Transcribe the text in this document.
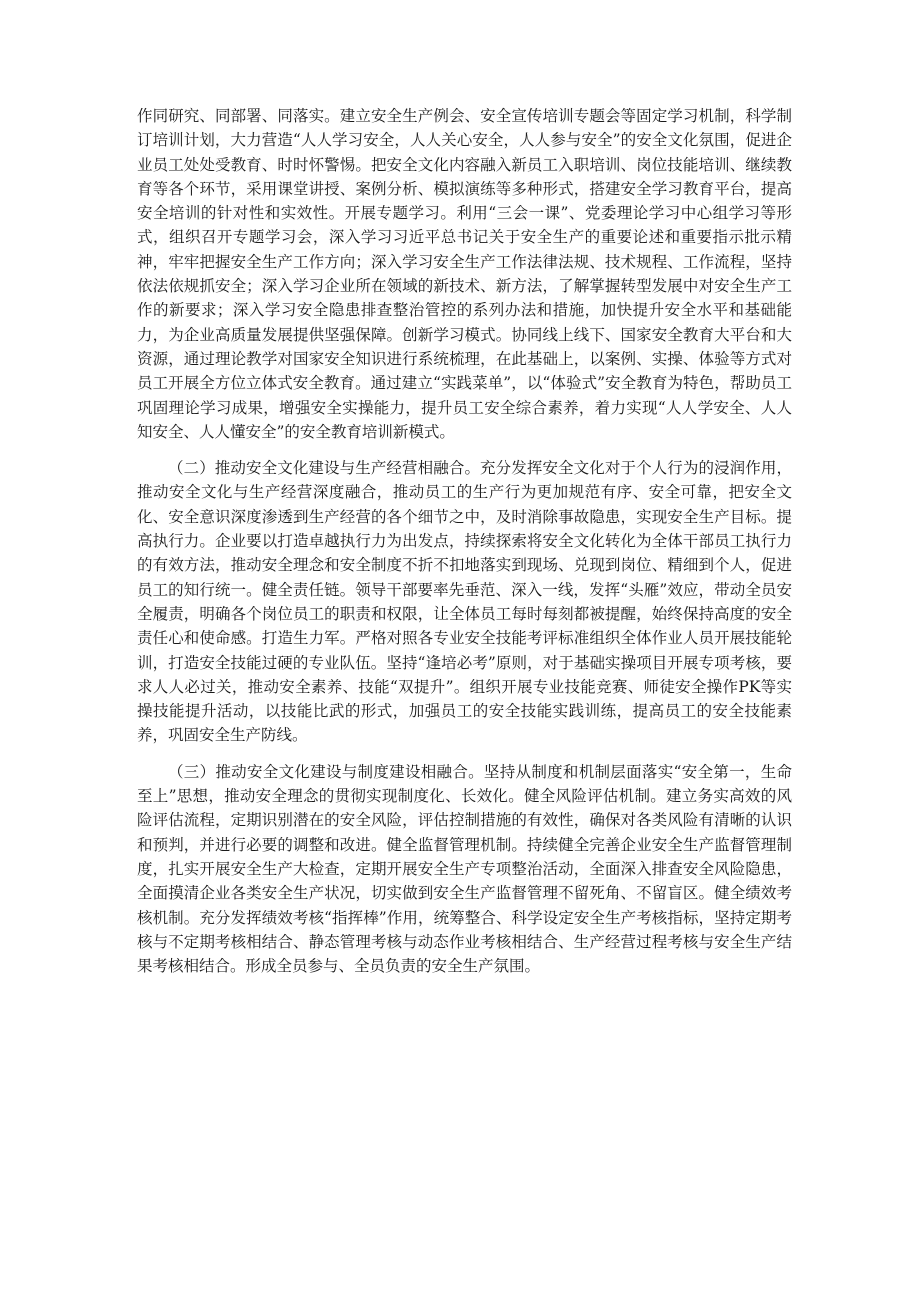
作同研究、同部署、同落实。建立安全生产例会、安全宣传培训专题会等固定学习机制，科学制订培训计划，大力营造“人人学习安全，人人关心安全，人人参与安全”的安全文化氛围，促进企业员工处处受教育、时时怀警惕。把安全文化内容融入新员工入职培训、岗位技能培训、继续教育等各个环节，采用课堂讲授、案例分析、模拟演练等多种形式，搭建安全学习教育平台，提高安全培训的针对性和实效性。开展专题学习。利用“三会一课”、党委理论学习中心组学习等形式，组织召开专题学习会，深入学习习近平总书记关于安全生产的重要论述和重要指示批示精神，牢牢把握安全生产工作方向；深入学习安全生产工作法律法规、技术规程、工作流程，坚持依法依规抓安全；深入学习企业所在领域的新技术、新方法，了解掌握转型发展中对安全生产工作的新要求；深入学习安全隐患排查整治管控的系列办法和措施，加快提升安全水平和基础能力，为企业高质量发展提供坚强保障。创新学习模式。协同线上线下、国家安全教育大平台和大资源，通过理论教学对国家安全知识进行系统梳理，在此基础上，以案例、实操、体验等方式对员工开展全方位立体式安全教育。通过建立“实践菜单”，以“体验式”安全教育为特色，帮助员工巩固理论学习成果，增强安全实操能力，提升员工安全综合素养，着力实现“人人学安全、人人知安全、人人懂安全”的安全教育培训新模式。

（二）推动安全文化建设与生产经营相融合。充分发挥安全文化对于个人行为的浸润作用，推动安全文化与生产经营深度融合，推动员工的生产行为更加规范有序、安全可靠，把安全文化、安全意识深度渗透到生产经营的各个细节之中，及时消除事故隐患，实现安全生产目标。提高执行力。企业要以打造卓越执行力为出发点，持续探索将安全文化转化为全体干部员工执行力的有效方法，推动安全理念和安全制度不折不扣地落实到现场、兑现到岗位、精细到个人，促进员工的知行统一。健全责任链。领导干部要率先垂范、深入一线，发挥“头雁”效应，带动全员安全履责，明确各个岗位员工的职责和权限，让全体员工每时每刻都被提醒，始终保持高度的安全责任心和使命感。打造生力军。严格对照各专业安全技能考评标准组织全体作业人员开展技能轮训，打造安全技能过硬的专业队伍。坚持“逢培必考”原则，对于基础实操项目开展专项考核，要求人人必过关，推动安全素养、技能“双提升”。组织开展专业技能竞赛、师徒安全操作PK等实操技能提升活动，以技能比武的形式，加强员工的安全技能实践训练，提高员工的安全技能素养，巩固安全生产防线。

（三）推动安全文化建设与制度建设相融合。坚持从制度和机制层面落实“安全第一，生命至上”思想，推动安全理念的贯彻实现制度化、长效化。健全风险评估机制。建立务实高效的风险评估流程，定期识别潜在的安全风险，评估控制措施的有效性，确保对各类风险有清晰的认识和预判，并进行必要的调整和改进。健全监督管理机制。持续健全完善企业安全生产监督管理制度，扎实开展安全生产大检查，定期开展安全生产专项整治活动，全面深入排查安全风险隐患，全面摸清企业各类安全生产状况，切实做到安全生产监督管理不留死角、不留盲区。健全绩效考核机制。充分发挥绩效考核“指挥棒”作用，统筹整合、科学设定安全生产考核指标，坚持定期考核与不定期考核相结合、静态管理考核与动态作业考核相结合、生产经营过程考核与安全生产结果考核相结合。形成全员参与、全员负责的安全生产氛围。
